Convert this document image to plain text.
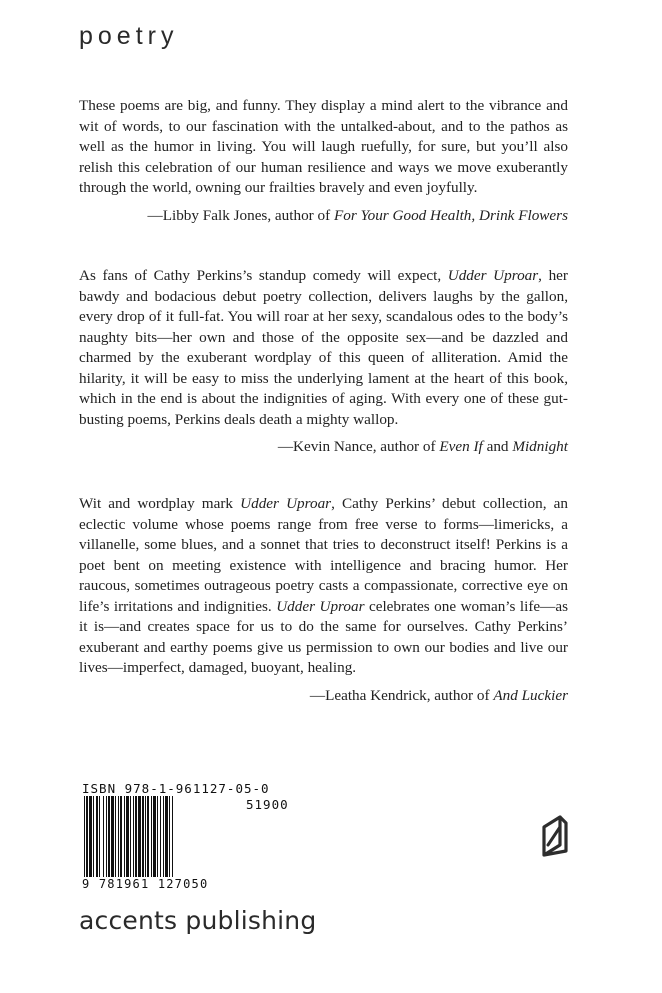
poetry

These poems are big, and funny. They display a mind alert to the vibrance and wit of words, to our fascination with the untalked-about, and to the pathos as well as the humor in living. You will laugh ruefully, for sure, but you’ll also relish this celebration of our human resilience and ways we move exuberantly through the world, owning our frailties bravely and even joyfully.

—Libby Falk Jones, author of For Your Good Health, Drink Flowers

As fans of Cathy Perkins’s standup comedy will expect, Udder Uproar, her bawdy and bodacious debut poetry collection, delivers laughs by the gallon, every drop of it full-fat. You will roar at her sexy, scandalous odes to the body’s naughty bits—her own and those of the opposite sex—and be dazzled and charmed by the exuberant wordplay of this queen of alliteration. Amid the hilarity, it will be easy to miss the underlying lament at the heart of this book, which in the end is about the indignities of aging. With every one of these gut-busting poems, Perkins deals death a mighty wallop.

—Kevin Nance, author of Even If and Midnight

Wit and wordplay mark Udder Uproar, Cathy Perkins’ debut collection, an eclectic volume whose poems range from free verse to forms—limericks, a villanelle, some blues, and a sonnet that tries to deconstruct itself! Perkins is a poet bent on meeting existence with intelligence and bracing humor. Her raucous, sometimes outrageous poetry casts a compassionate, corrective eye on life’s irritations and indignities. Udder Uproar celebrates one woman’s life—as it is—and creates space for us to do the same for ourselves. Cathy Perkins’ exuberant and earthy poems give us permission to own our bodies and live our lives—imperfect, damaged, buoyant, healing.

—Leatha Kendrick, author of And Luckier

ISBN 978-1-961127-05-0
51900
9 781961 127050
accents publishing
